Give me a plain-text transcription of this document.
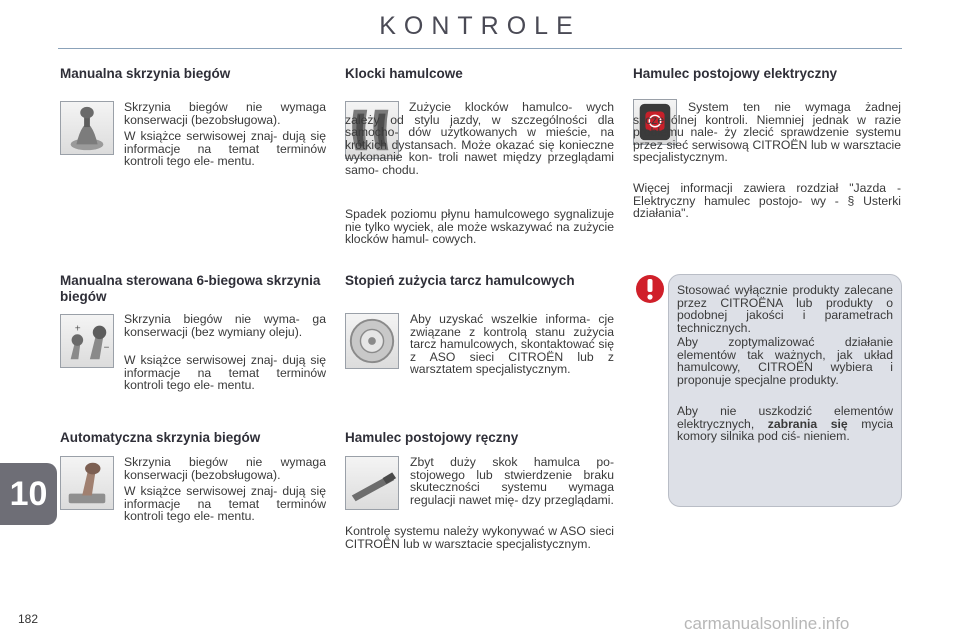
KONTROLE
Manualna skrzynia biegów
Skrzynia biegów nie wymaga konserwacji (bezobsługowa).
W książce serwisowej znaj- dują się informacje na temat terminów kontroli tego ele- mentu.
Manualna sterowana 6-biegowa skrzynia biegów
+
−
Skrzynia biegów nie wyma- ga konserwacji (bez wymiany oleju).
W książce serwisowej znaj- dują się informacje na temat terminów kontroli tego ele- mentu.
Automatyczna skrzynia biegów
Skrzynia biegów nie wymaga konserwacji (bezobsługowa).
W książce serwisowej znaj- dują się informacje na temat terminów kontroli tego ele- mentu.
Klocki hamulcowe
Zużycie klocków hamulco- wych zależy od stylu jazdy, w szczególności dla samocho- dów użytkowanych w mieście, na krótkich dystansach. Może okazać się konieczne wykonanie kon- troli nawet między przeglądami samo- chodu.
Spadek poziomu płynu hamulcowego sygnalizuje nie tylko wyciek, ale może wskazywać na zużycie klocków hamul- cowych.
Stopień zużycia tarcz hamulcowych
Aby uzyskać wszelkie informa- cje związane z kontrolą stanu zużycia tarcz hamulcowych, skontaktować się z ASO sieci CITROËN lub z warsztatem specjalistycznym.
Hamulec postojowy ręczny
Zbyt duży skok hamulca po- stojowego lub stwierdzenie braku skuteczności systemu wymaga regulacji nawet mię- dzy przeglądami.
Kontrolę systemu należy wykonywać w ASO sieci CITROËN lub w warsztacie specjalistycznym.
Hamulec postojowy elektryczny
System ten nie wymaga żadnej szczególnej kontroli. Niemniej jednak w razie problemu nale- ży zlecić sprawdzenie systemu przez sieć serwisową CITROËN lub w warsztacie specjalistycznym.
Więcej informacji zawiera rozdział "Jazda - Elektryczny hamulec postojo- wy - § Usterki działania".
Stosować wyłącznie produkty zalecane przez CITROËNA lub produkty o podobnej jakości i parametrach technicznych.
Aby zoptymalizować działanie elementów tak ważnych, jak układ hamulcowy, CITROËN wybiera i proponuje specjalne produkty.
Aby nie uszkodzić elementów elektrycznych, zabrania się mycia komory silnika pod ciś- nieniem.
10
182	carmanualsonline.info
